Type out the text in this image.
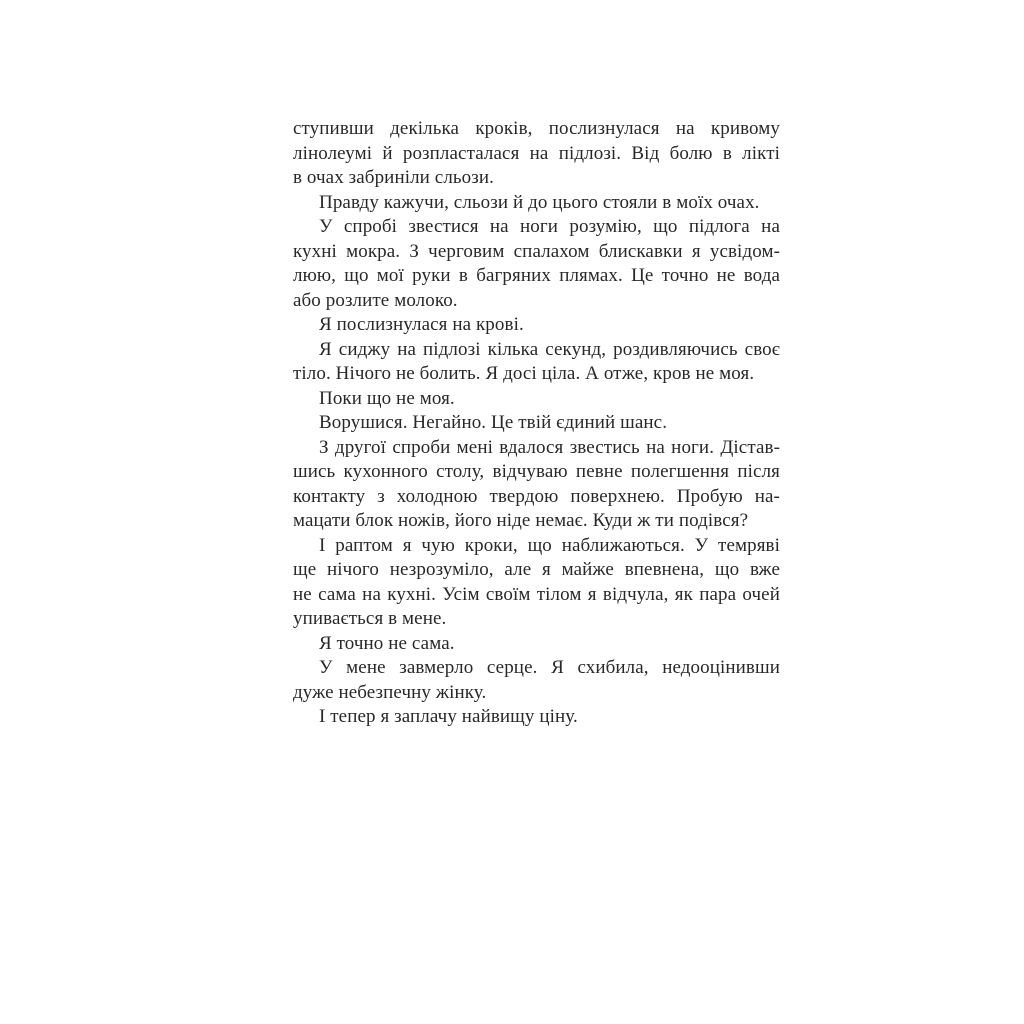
ступивши декілька кроків, послизнулася на кривому
лінолеумі й розпласталася на підлозі. Від болю в лікті
в очах забриніли сльози.
Правду кажучи, сльози й до цього стояли в моїх очах.
У спробі звестися на ноги розумію, що підлога на
кухні мокра. З черговим спалахом блискавки я усвідом-
люю, що мої руки в багряних плямах. Це точно не вода
або розлите молоко.
Я послизнулася на крові.
Я сиджу на підлозі кілька секунд, роздивляючись своє
тіло. Нічого не болить. Я досі ціла. А отже, кров не моя.
Поки що не моя.
Ворушися. Негайно. Це твій єдиний шанс.
З другої спроби мені вдалося звестись на ноги. Дістав-
шись кухонного столу, відчуваю певне полегшення після
контакту з холодною твердою поверхнею. Пробую на-
мацати блок ножів, його ніде немає. Куди ж ти подівся?
І раптом я чую кроки, що наближаються. У темряві
ще нічого незрозуміло, але я майже впевнена, що вже
не сама на кухні. Усім своїм тілом я відчула, як пара очей
упивається в мене.
Я точно не сама.
У мене завмерло серце. Я схибила, недооцінивши
дуже небезпечну жінку.
І тепер я заплачу найвищу ціну.
